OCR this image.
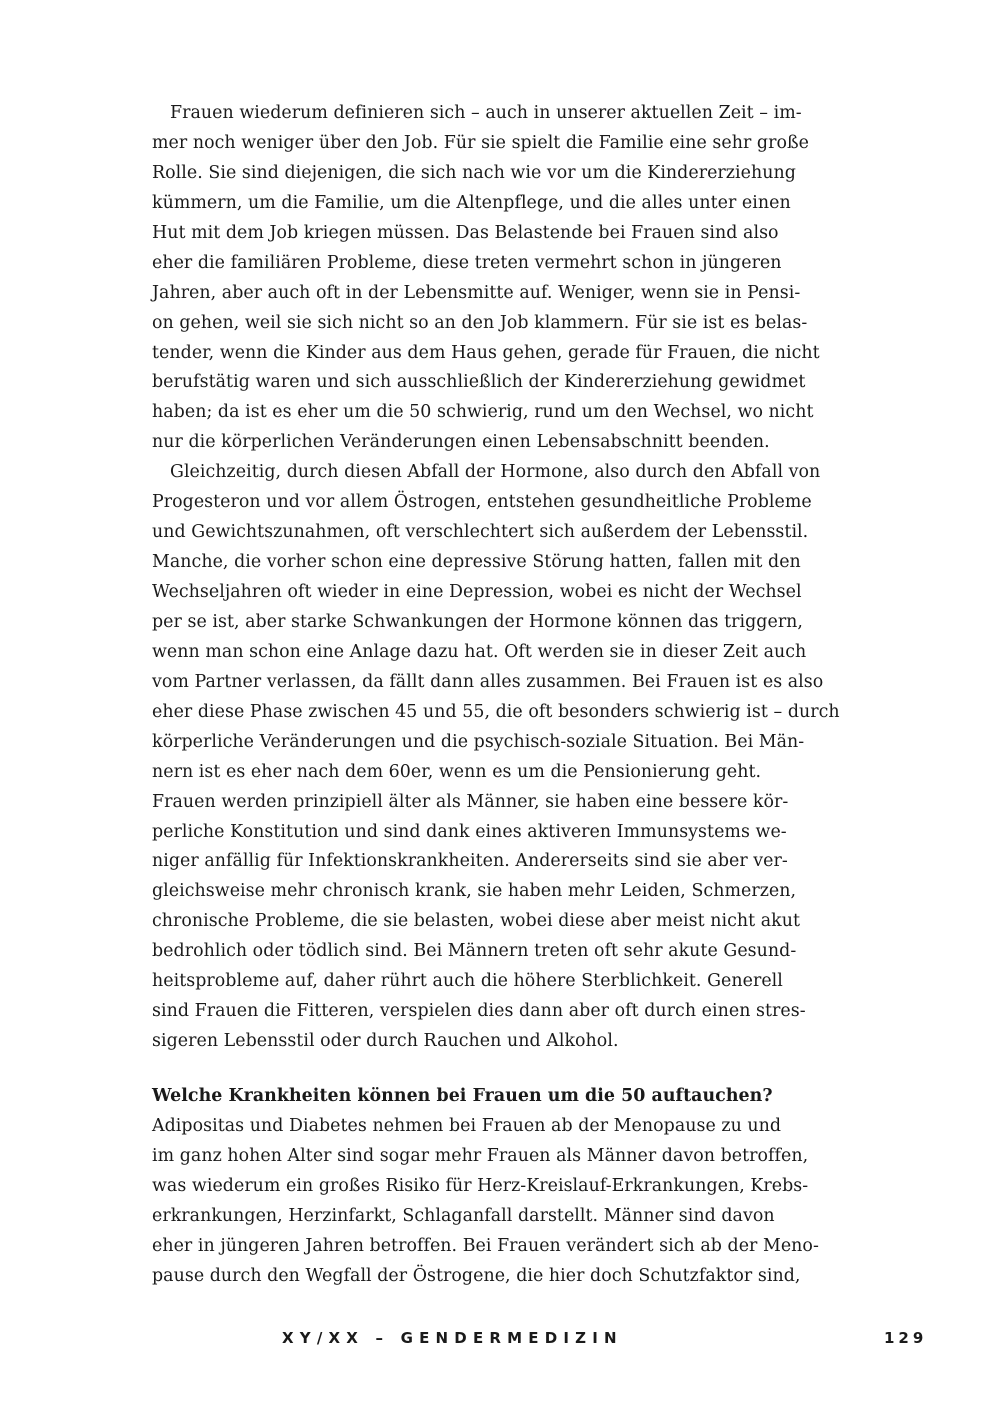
Frauen wiederum definieren sich – auch in unserer aktuellen Zeit – im-
mer noch weniger über den Job. Für sie spielt die Familie eine sehr große
Rolle. Sie sind diejenigen, die sich nach wie vor um die Kindererziehung
kümmern, um die Familie, um die Altenpflege, und die alles unter einen
Hut mit dem Job kriegen müssen. Das Belastende bei Frauen sind also
eher die familiären Probleme, diese treten vermehrt schon in jüngeren
Jahren, aber auch oft in der Lebensmitte auf. Weniger, wenn sie in Pensi-
on gehen, weil sie sich nicht so an den Job klammern. Für sie ist es belas-
tender, wenn die Kinder aus dem Haus gehen, gerade für Frauen, die nicht
berufstätig waren und sich ausschließlich der Kindererziehung gewidmet
haben; da ist es eher um die 50 schwierig, rund um den Wechsel, wo nicht
nur die körperlichen Veränderungen einen Lebensabschnitt beenden.
Gleichzeitig, durch diesen Abfall der Hormone, also durch den Abfall von
Progesteron und vor allem Östrogen, entstehen gesundheitliche Probleme
und Gewichtszunahmen, oft verschlechtert sich außerdem der Lebensstil.
Manche, die vorher schon eine depressive Störung hatten, fallen mit den
Wechseljahren oft wieder in eine Depression, wobei es nicht der Wechsel
per se ist, aber starke Schwankungen der Hormone können das triggern,
wenn man schon eine Anlage dazu hat. Oft werden sie in dieser Zeit auch
vom Partner verlassen, da fällt dann alles zusammen. Bei Frauen ist es also
eher diese Phase zwischen 45 und 55, die oft besonders schwierig ist – durch
körperliche Veränderungen und die psychisch-soziale Situation. Bei Män-
nern ist es eher nach dem 60er, wenn es um die Pensionierung geht.
Frauen werden prinzipiell älter als Männer, sie haben eine bessere kör-
perliche Konstitution und sind dank eines aktiveren Immunsystems we-
niger anfällig für Infektionskrankheiten. Andererseits sind sie aber ver-
gleichsweise mehr chronisch krank, sie haben mehr Leiden, Schmerzen,
chronische Probleme, die sie belasten, wobei diese aber meist nicht akut
bedrohlich oder tödlich sind. Bei Männern treten oft sehr akute Gesund-
heitsprobleme auf, daher rührt auch die höhere Sterblichkeit. Generell
sind Frauen die Fitteren, verspielen dies dann aber oft durch einen stres-
sigeren Lebensstil oder durch Rauchen und Alkohol.
Welche Krankheiten können bei Frauen um die 50 auftauchen?
Adipositas und Diabetes nehmen bei Frauen ab der Menopause zu und
im ganz hohen Alter sind sogar mehr Frauen als Männer davon betroffen,
was wiederum ein großes Risiko für Herz-Kreislauf-Erkrankungen, Krebs-
erkrankungen, Herzinfarkt, Schlaganfall darstellt. Männer sind davon
eher in jüngeren Jahren betroffen. Bei Frauen verändert sich ab der Meno-
pause durch den Wegfall der Östrogene, die hier doch Schutzfaktor sind,
XY/XX – GENDERMEDIZIN	129
